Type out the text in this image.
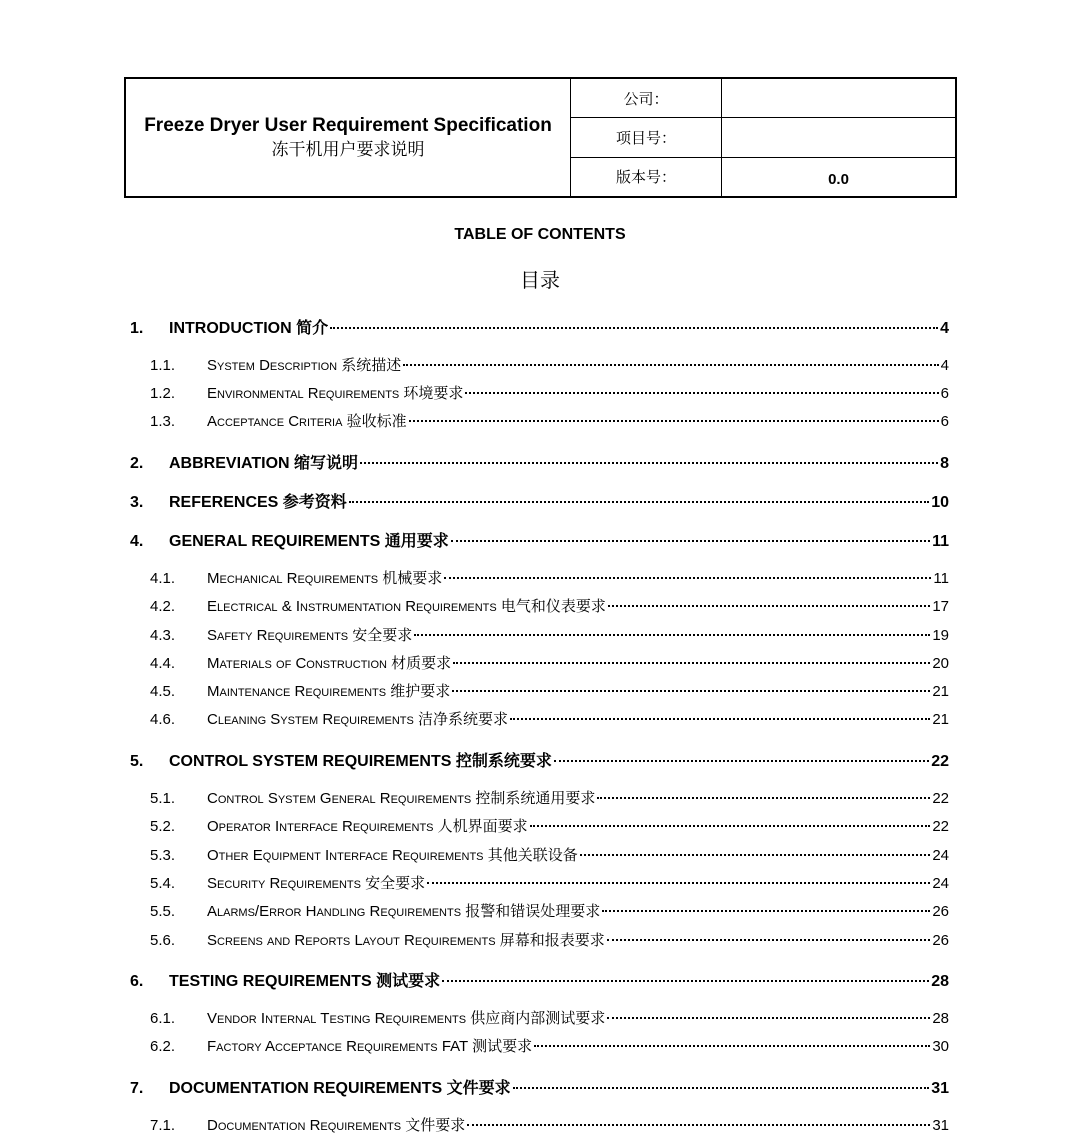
Freeze Dryer User Requirement Specification
冻干机用户要求说明
公司：
项目号：
版本号：	0.0
TABLE OF CONTENTS
目录
1.	INTRODUCTION 简介	4
1.1.	System Description 系统描述	4
1.2.	Environmental Requirements 环境要求	6
1.3.	Acceptance Criteria 验收标准	6
2.	ABBREVIATION 缩写说明	8
3.	REFERENCES 参考资料	10
4.	GENERAL REQUIREMENTS 通用要求	11
4.1.	Mechanical Requirements 机械要求	11
4.2.	Electrical & Instrumentation Requirements 电气和仪表要求	17
4.3.	Safety Requirements 安全要求	19
4.4.	Materials of Construction 材质要求	20
4.5.	Maintenance Requirements 维护要求	21
4.6.	Cleaning System Requirements 洁净系统要求	21
5.	CONTROL SYSTEM REQUIREMENTS 控制系统要求	22
5.1.	Control System General Requirements 控制系统通用要求	22
5.2.	Operator Interface Requirements 人机界面要求	22
5.3.	Other Equipment Interface Requirements 其他关联设备	24
5.4.	Security Requirements 安全要求	24
5.5.	Alarms/Error Handling Requirements 报警和错误处理要求	26
5.6.	Screens and Reports Layout Requirements 屏幕和报表要求	26
6.	TESTING REQUIREMENTS 测试要求	28
6.1.	Vendor Internal Testing Requirements 供应商内部测试要求	28
6.2.	Factory Acceptance Requirements FAT 测试要求	30
7.	DOCUMENTATION REQUIREMENTS 文件要求	31
7.1.	Documentation Requirements 文件要求	31
